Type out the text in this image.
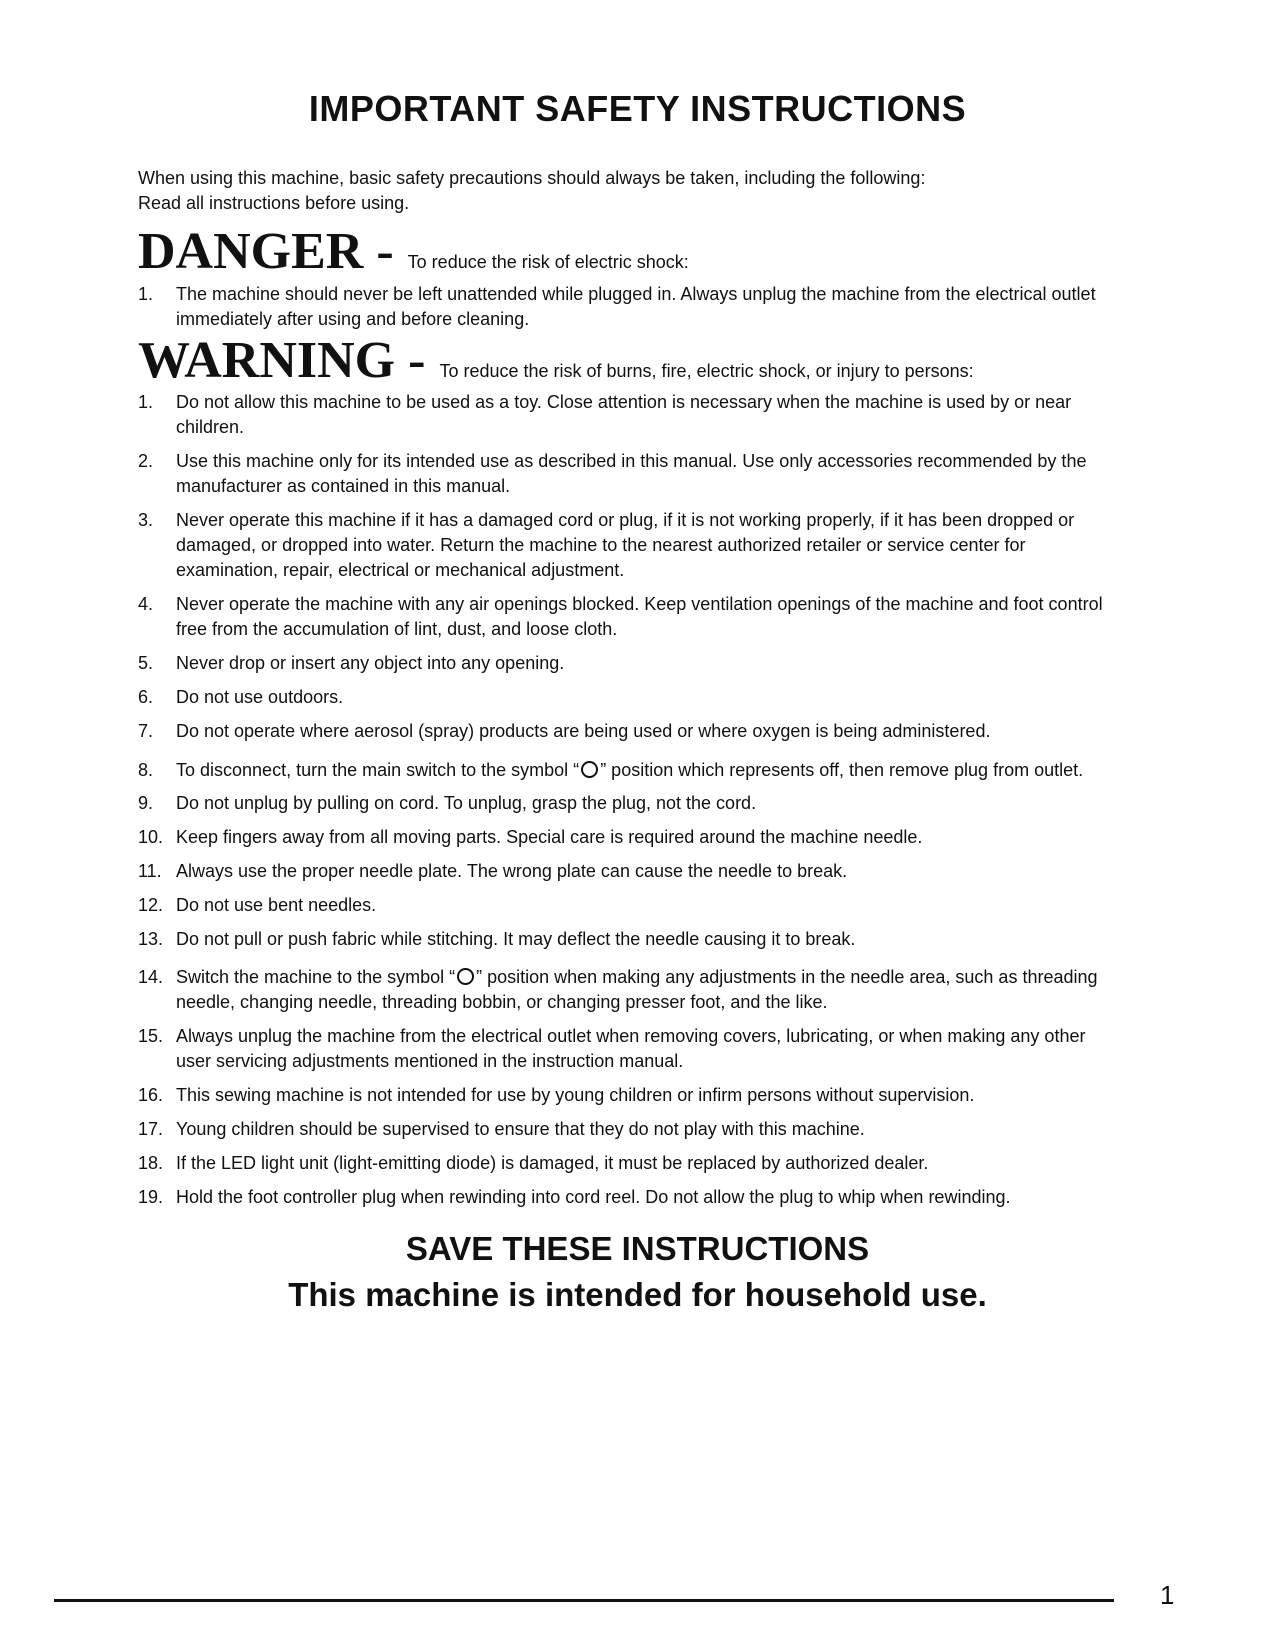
IMPORTANT SAFETY INSTRUCTIONS
When using this machine, basic safety precautions should always be taken, including the following:
Read all instructions before using.
DANGER - To reduce the risk of electric shock:
1. The machine should never be left unattended while plugged in. Always unplug the machine from the electrical outlet immediately after using and before cleaning.
WARNING - To reduce the risk of burns, fire, electric shock, or injury to persons:
1. Do not allow this machine to be used as a toy. Close attention is necessary when the machine is used by or near children.
2. Use this machine only for its intended use as described in this manual. Use only accessories recommended by the manufacturer as contained in this manual.
3. Never operate this machine if it has a damaged cord or plug, if it is not working properly, if it has been dropped or damaged, or dropped into water. Return the machine to the nearest authorized retailer or service center for examination, repair, electrical or mechanical adjustment.
4. Never operate the machine with any air openings blocked. Keep ventilation openings of the machine and foot control free from the accumulation of lint, dust, and loose cloth.
5. Never drop or insert any object into any opening.
6. Do not use outdoors.
7. Do not operate where aerosol (spray) products are being used or where oxygen is being administered.
8. To disconnect, turn the main switch to the symbol “ ” position which represents off, then remove plug from outlet.
9. Do not unplug by pulling on cord. To unplug, grasp the plug, not the cord.
10. Keep fingers away from all moving parts. Special care is required around the machine needle.
11. Always use the proper needle plate. The wrong plate can cause the needle to break.
12. Do not use bent needles.
13. Do not pull or push fabric while stitching. It may deflect the needle causing it to break.
14. Switch the machine to the symbol “ ” position when making any adjustments in the needle area, such as threading needle, changing needle, threading bobbin, or changing presser foot, and the like.
15. Always unplug the machine from the electrical outlet when removing covers, lubricating, or when making any other user servicing adjustments mentioned in the instruction manual.
16. This sewing machine is not intended for use by young children or infirm persons without supervision.
17. Young children should be supervised to ensure that they do not play with this machine.
18. If the LED light unit (light-emitting diode) is damaged, it must be replaced by authorized dealer.
19. Hold the foot controller plug when rewinding into cord reel. Do not allow the plug to whip when rewinding.
SAVE THESE INSTRUCTIONS
This machine is intended for household use.
1
